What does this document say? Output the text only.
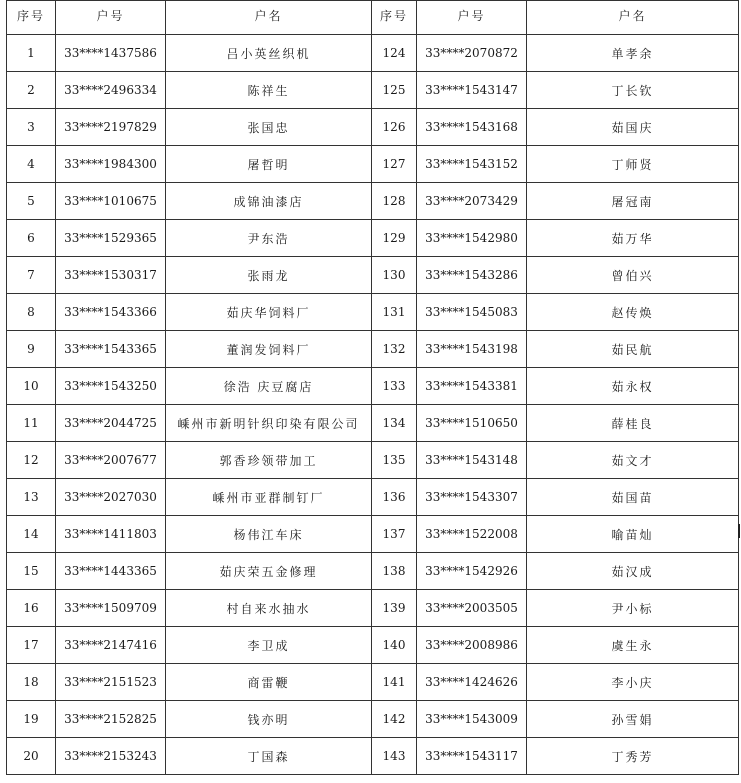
序号	户号	户名	序号	户号	户名
1	33****1437586	吕小英丝织机	124	33****2070872	单孝余
2	33****2496334	陈祥生	125	33****1543147	丁长钦
3	33****2197829	张国忠	126	33****1543168	茹国庆
4	33****1984300	屠哲明	127	33****1543152	丁师贤
5	33****1010675	成锦油漆店	128	33****2073429	屠冠南
6	33****1529365	尹东浩	129	33****1542980	茹万华
7	33****1530317	张雨龙	130	33****1543286	曾伯兴
8	33****1543366	茹庆华饲料厂	131	33****1545083	赵传焕
9	33****1543365	董润发饲料厂	132	33****1543198	茹民航
10	33****1543250	徐浩 庆豆腐店	133	33****1543381	茹永权
11	33****2044725	嵊州市新明针织印染有限公司	134	33****1510650	薛桂良
12	33****2007677	郭香珍领带加工	135	33****1543148	茹文才
13	33****2027030	嵊州市亚群制钉厂	136	33****1543307	茹国苗
14	33****1411803	杨伟江车床	137	33****1522008	喻苗灿
15	33****1443365	茹庆荣五金修理	138	33****1542926	茹汉成
16	33****1509709	村自来水抽水	139	33****2003505	尹小标
17	33****2147416	李卫成	140	33****2008986	虞生永
18	33****2151523	商雷鞭	141	33****1424626	李小庆
19	33****2152825	钱亦明	142	33****1543009	孙雪娟
20	33****2153243	丁国森	143	33****1543117	丁秀芳
